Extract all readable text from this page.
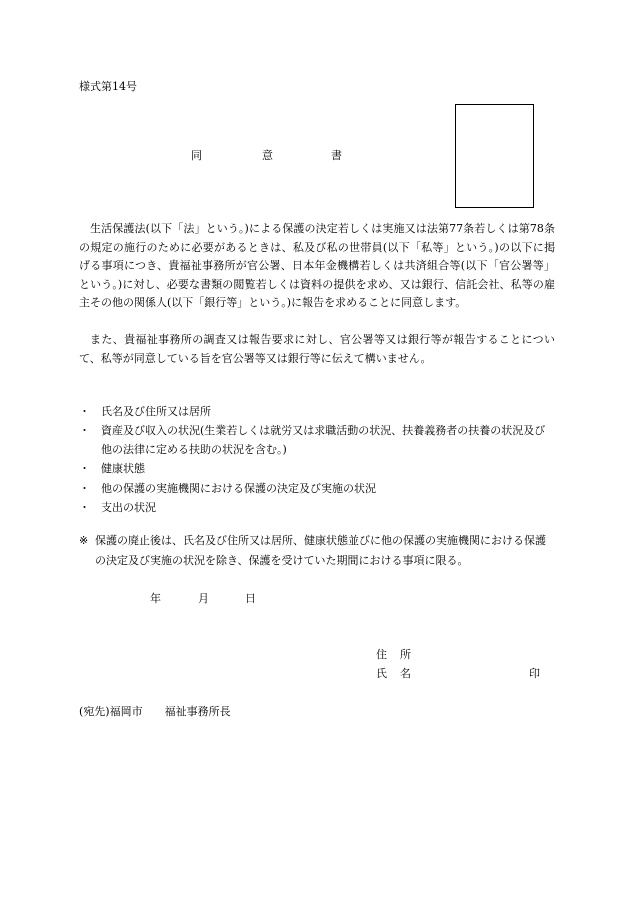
様式第14号
同	意	書
生活保護法(以下「法」という。)による保護の決定若しくは実施又は法第77条若しくは第78条の規定の施行のために必要があるときは、私及び私の世帯員(以下「私等」という。)の以下に掲げる事項につき、貴福祉事務所が官公署、日本年金機構若しくは共済組合等(以下「官公署等」という。)に対し、必要な書類の閲覧若しくは資料の提供を求め、又は銀行、信託会社、私等の雇主その他の関係人(以下「銀行等」という。)に報告を求めることに同意します。
また、貴福祉事務所の調査又は報告要求に対し、官公署等又は銀行等が報告することについて、私等が同意している旨を官公署等又は銀行等に伝えて構いません。
・ 氏名及び住所又は居所
・ 資産及び収入の状況(生業若しくは就労又は求職活動の状況、扶養義務者の扶養の状況及び他の法律に定める扶助の状況を含む。)
・ 健康状態
・ 他の保護の実施機関における保護の決定及び実施の状況
・ 支出の状況
※ 保護の廃止後は、氏名及び住所又は居所、健康状態並びに他の保護の実施機関における保護の決定及び実施の状況を除き、保護を受けていた期間における事項に限る。
年	月	日
住 所
氏 名	印
(宛先)福岡市　　福祉事務所長
